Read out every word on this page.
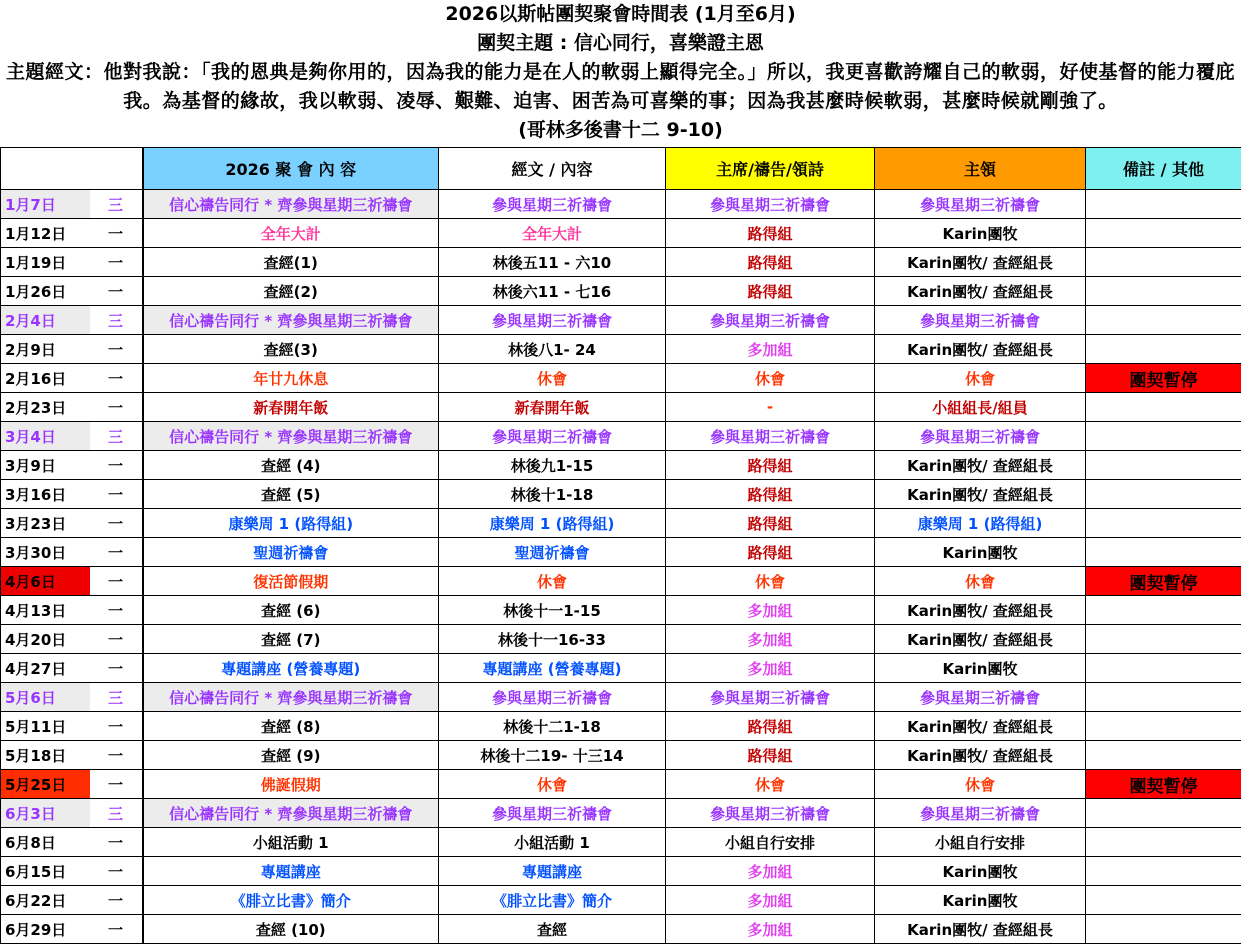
2026以斯帖團契聚會時間表 (1月至6月)
團契主題 : 信心同行，喜樂證主恩
主題經文：他對我說：「我的恩典是夠你用的，因為我的能力是在人的軟弱上顯得完全。」所以，我更喜歡誇耀自己的軟弱，好使基督的能力覆庇我。為基督的緣故，我以軟弱、凌辱、艱難、迫害、困苦為可喜樂的事；因為我甚麼時候軟弱，甚麼時候就剛強了。
(哥林多後書十二 9-10)
		2026 聚 會 內 容	經文 / 內容	主席/禱告/領詩	主領	備註 / 其他
1月7日	三	信心禱告同行 * 齊參與星期三祈禱會	參與星期三祈禱會	參與星期三祈禱會	參與星期三祈禱會	
1月12日	一	全年大計	全年大計	路得組	Karin團牧	
1月19日	一	查經(1)	林後五11 - 六10	路得組	Karin團牧/ 查經組長	
1月26日	一	查經(2)	林後六11 - 七16	路得組	Karin團牧/ 查經組長	
2月4日	三	信心禱告同行 * 齊參與星期三祈禱會	參與星期三祈禱會	參與星期三祈禱會	參與星期三祈禱會	
2月9日	一	查經(3)	林後八1- 24	多加組	Karin團牧/ 查經組長	
2月16日	一	年廿九休息	休會	休會	休會	團契暫停
2月23日	一	新春開年飯	新春開年飯	-	小組組長/組員	
3月4日	三	信心禱告同行 * 齊參與星期三祈禱會	參與星期三祈禱會	參與星期三祈禱會	參與星期三祈禱會	
3月9日	一	查經 (4)	林後九1-15	路得組	Karin團牧/ 查經組長	
3月16日	一	查經 (5)	林後十1-18	路得組	Karin團牧/ 查經組長	
3月23日	一	康樂周 1 (路得組)	康樂周 1 (路得組)	路得組	康樂周 1 (路得組)	
3月30日	一	聖週祈禱會	聖週祈禱會	路得組	Karin團牧	
4月6日	一	復活節假期	休會	休會	休會	團契暫停
4月13日	一	查經 (6)	林後十一1-15	多加組	Karin團牧/ 查經組長	
4月20日	一	查經 (7)	林後十一16-33	多加組	Karin團牧/ 查經組長	
4月27日	一	專題講座 (營養專題)	專題講座 (營養專題)	多加組	Karin團牧	
5月6日	三	信心禱告同行 * 齊參與星期三祈禱會	參與星期三祈禱會	參與星期三祈禱會	參與星期三祈禱會	
5月11日	一	查經 (8)	林後十二1-18	路得組	Karin團牧/ 查經組長	
5月18日	一	查經 (9)	林後十二19- 十三14	路得組	Karin團牧/ 查經組長	
5月25日	一	佛誕假期	休會	休會	休會	團契暫停
6月3日	三	信心禱告同行 * 齊參與星期三祈禱會	參與星期三祈禱會	參與星期三祈禱會	參與星期三祈禱會	
6月8日	一	小組活動 1	小組活動 1	小組自行安排	小組自行安排	
6月15日	一	專題講座	專題講座	多加組	Karin團牧	
6月22日	一	《腓立比書》簡介	《腓立比書》簡介	多加組	Karin團牧	
6月29日	一	查經 (10)	查經	多加組	Karin團牧/ 查經組長	
